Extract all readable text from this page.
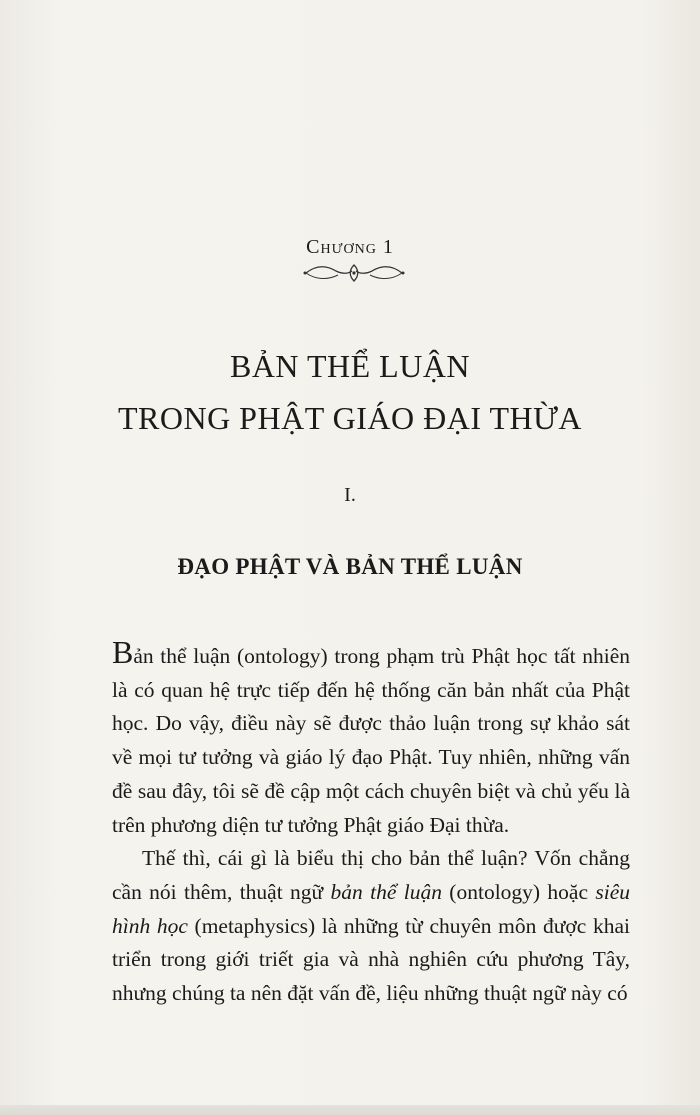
Chương 1
BẢN THỂ LUẬN
TRONG PHẬT GIÁO ĐẠI THỪA
I.
ĐẠO PHẬT VÀ BẢN THỂ LUẬN

Bản thể luận (ontology) trong phạm trù Phật học tất nhiên là có quan hệ trực tiếp đến hệ thống căn bản nhất của Phật học. Do vậy, điều này sẽ được thảo luận trong sự khảo sát về mọi tư tưởng và giáo lý đạo Phật. Tuy nhiên, những vấn đề sau đây, tôi sẽ đề cập một cách chuyên biệt và chủ yếu là trên phương diện tư tưởng Phật giáo Đại thừa.

Thế thì, cái gì là biểu thị cho bản thể luận? Vốn chẳng cần nói thêm, thuật ngữ bản thể luận (ontology) hoặc siêu hình học (metaphysics) là những từ chuyên môn được khai triển trong giới triết gia và nhà nghiên cứu phương Tây, nhưng chúng ta nên đặt vấn đề, liệu những thuật ngữ này có
